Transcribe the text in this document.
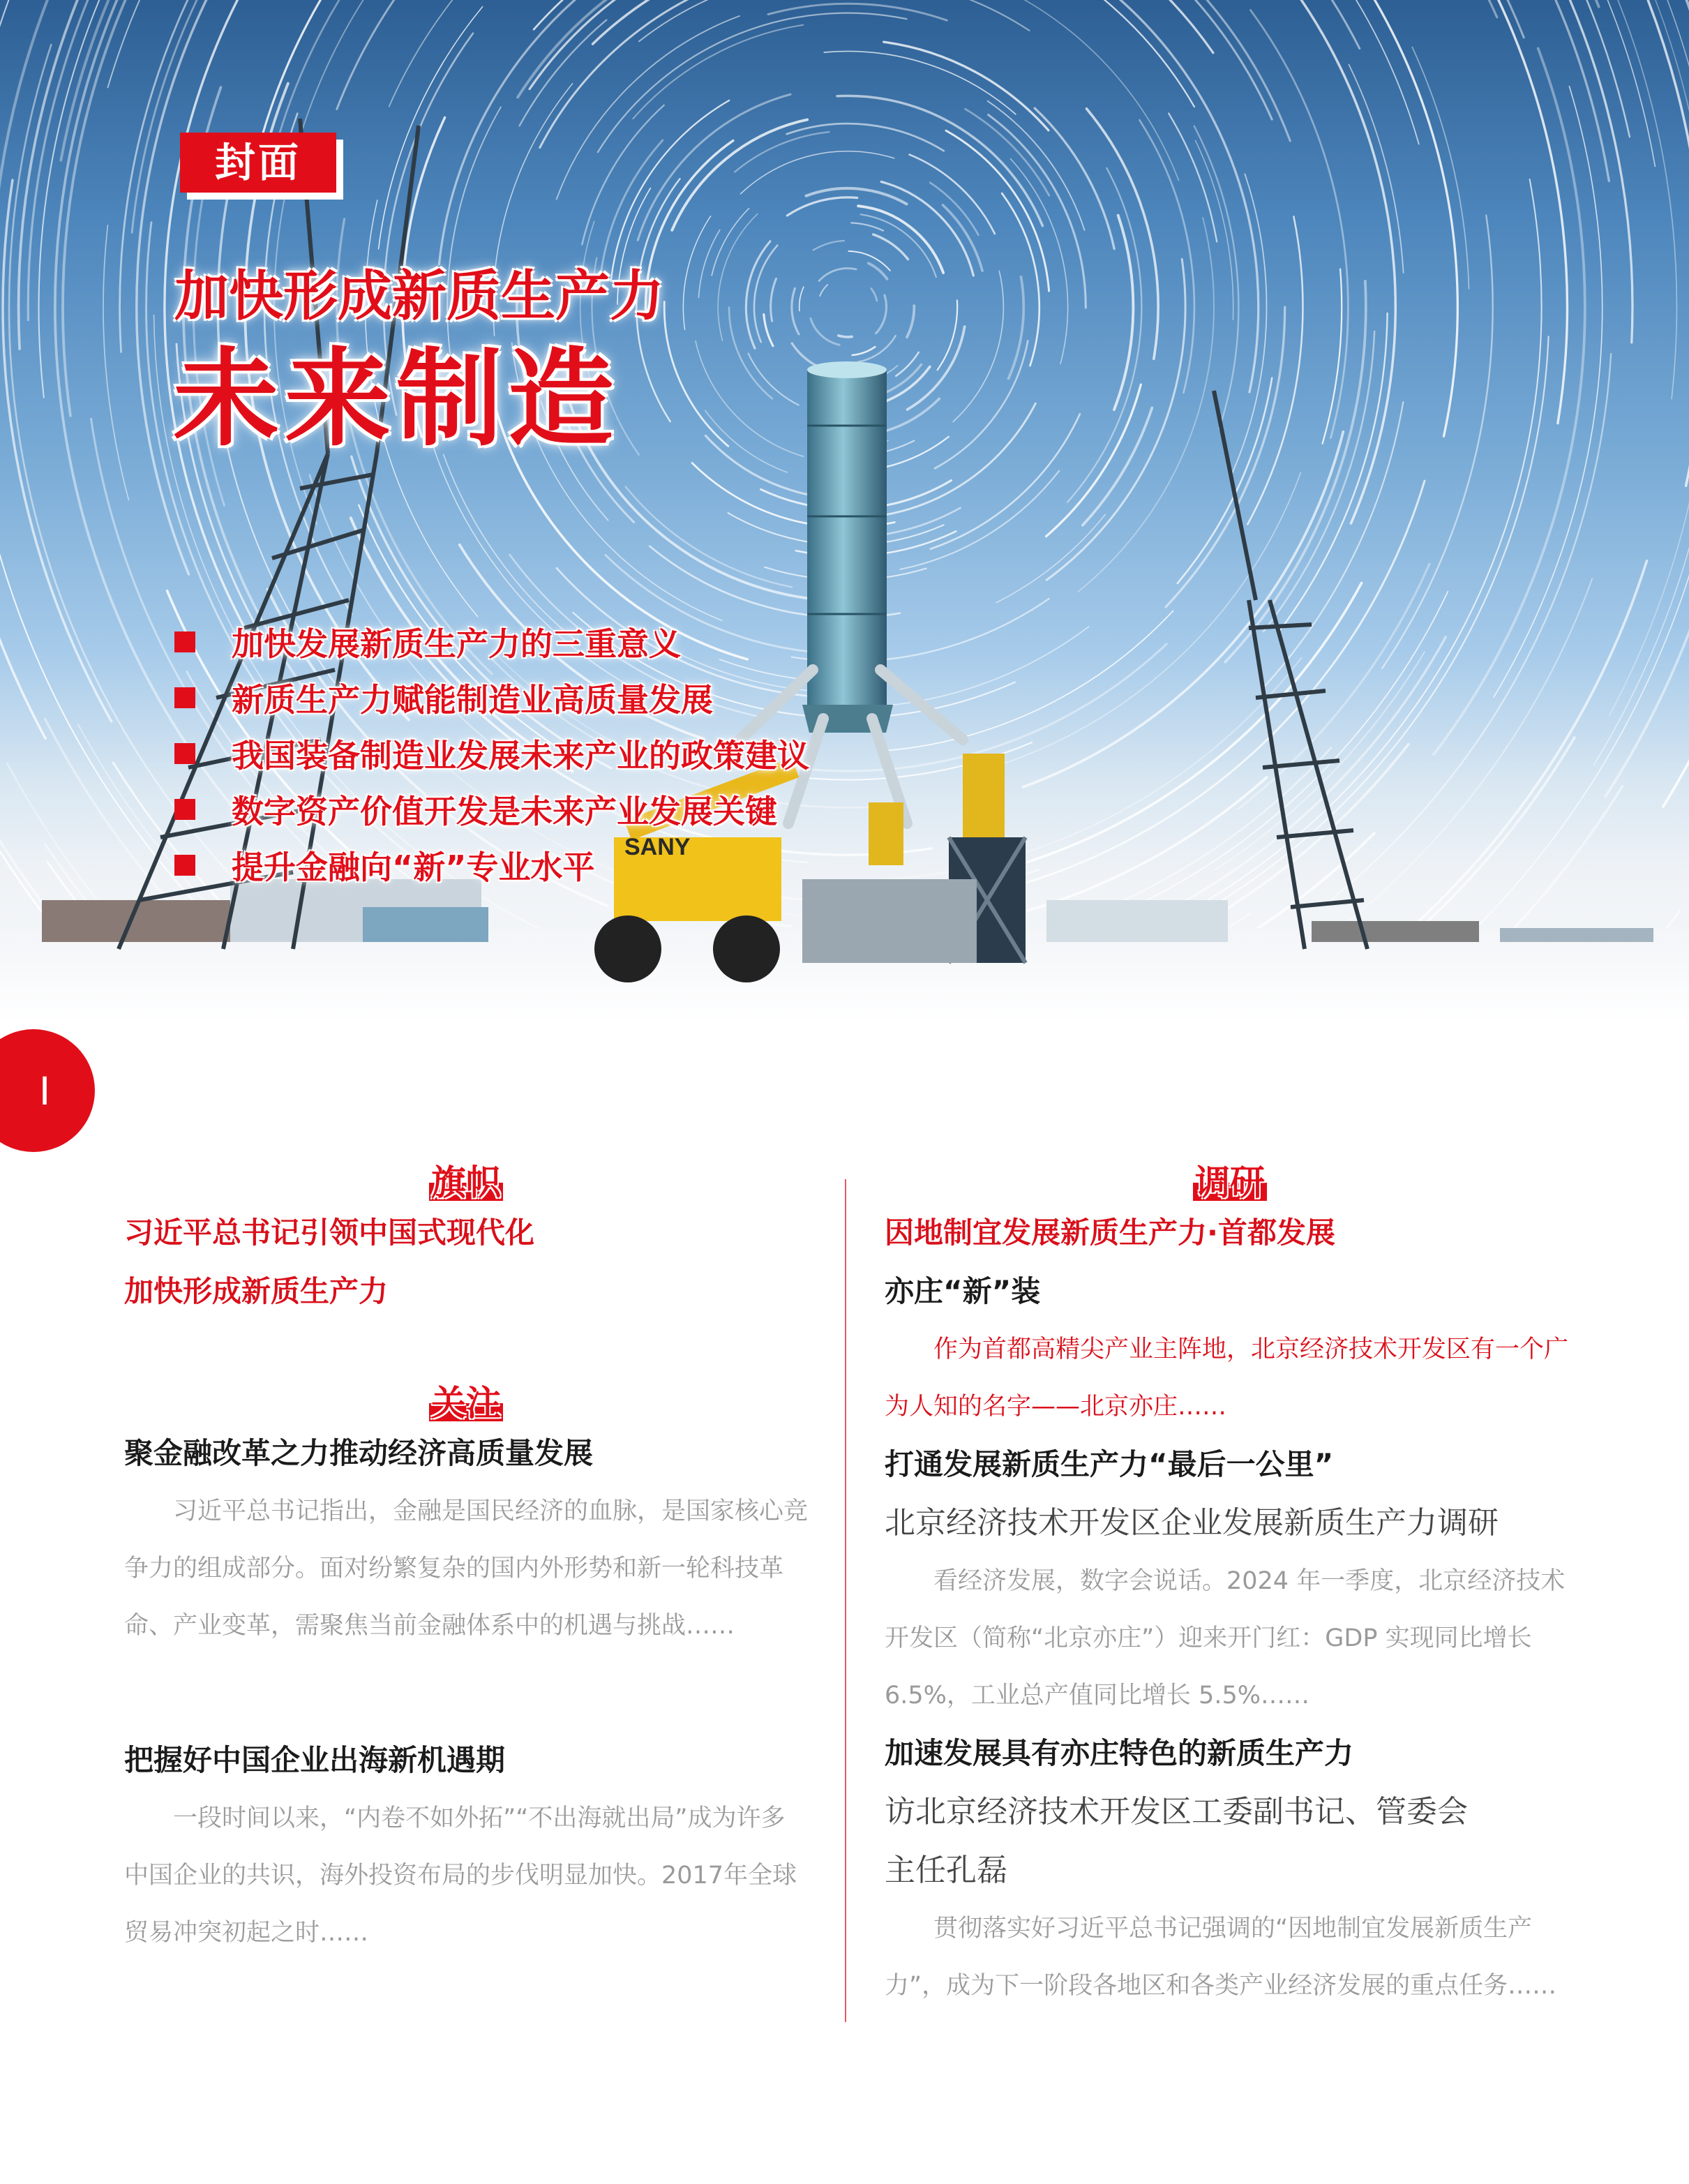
SANY
封面
加快形成新质生产力
未来制造
加快发展新质生产力的三重意义
新质生产力赋能制造业高质量发展
我国装备制造业发展未来产业的政策建议
数字资产价值开发是未来产业发展关键
提升金融向“新”专业水平
I
旗帜

习近平总书记引领中国式现代化

加快形成新质生产力

关注

聚金融改革之力推动经济高质量发展

习近平总书记指出，金融是国民经济的血脉，是国家核心竞争力的组成部分。面对纷繁复杂的国内外形势和新一轮科技革命、产业变革，需聚焦当前金融体系中的机遇与挑战……

把握好中国企业出海新机遇期

一段时间以来，“内卷不如外拓”“不出海就出局”成为许多中国企业的共识，海外投资布局的步伐明显加快。2017年全球贸易冲突初起之时……

调研

因地制宜发展新质生产力·首都发展

亦庄“新”装

作为首都高精尖产业主阵地，北京经济技术开发区有一个广为人知的名字——北京亦庄……

打通发展新质生产力“最后一公里”

北京经济技术开发区企业发展新质生产力调研

看经济发展，数字会说话。2024 年一季度，北京经济技术开发区（简称“北京亦庄”）迎来开门红：GDP 实现同比增长 6.5%，工业总产值同比增长 5.5%……

加速发展具有亦庄特色的新质生产力

访北京经济技术开发区工委副书记、管委会

主任孔磊

贯彻落实好习近平总书记强调的“因地制宜发展新质生产力”，成为下一阶段各地区和各类产业经济发展的重点任务……
